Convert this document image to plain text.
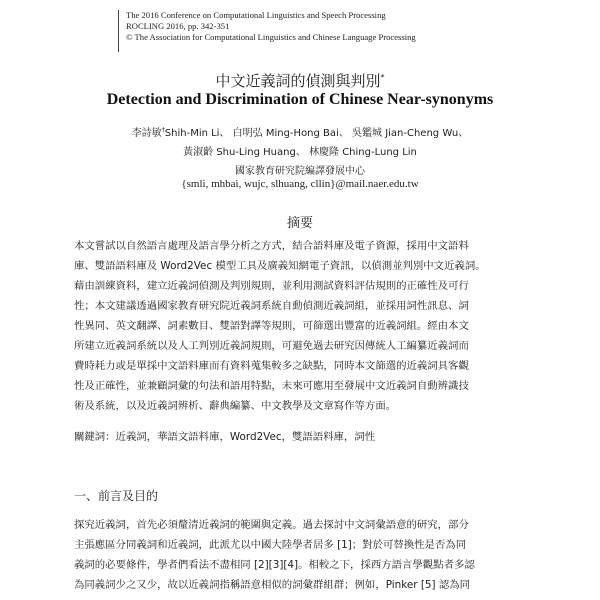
The 2016 Conference on Computational Linguistics and Speech Processing
ROCLING 2016, pp. 342-351
© The Association for Computational Linguistics and Chinese Language Processing
中文近義詞的偵測與判別*
Detection and Discrimination of Chinese Near-synonyms
李詩敏†Shih-Min Li、 白明弘 Ming-Hong Bai、 吳鑑城 Jian-Cheng Wu、
黃淑齡 Shu-Ling Huang、 林慶隆 Ching-Lung Lin
國家教育研究院編譯發展中心
{smli, mhbai, wujc, slhuang, cllin}@mail.naer.edu.tw
摘要
本文嘗試以自然語言處理及語言學分析之方式，結合語料庫及電子資源，採用中文語料
庫、雙語語料庫及 Word2Vec 模型工具及廣義知網電子資訊，以偵測並判別中文近義詞。
藉由訓練資料，建立近義詞偵測及判別規則，並利用測試資料評估規則的正確性及可行
性；本文建議透過國家教育研究院近義詞系統自動偵測近義詞組，並採用詞性訊息、詞
性異同、英文翻譯、詞素數目、雙語對譯等規則，可篩選出豐富的近義詞組。經由本文
所建立近義詞系統以及人工判別近義詞規則，可避免過去研究因傳統人工編纂近義詞而
費時耗力或是單採中文語料庫而有資料蒐集較多之缺點，同時本文篩選的近義詞具客觀
性及正確性，並兼顧詞彙的句法和語用特點，未來可應用至發展中文近義詞自動辨識技
術及系統，以及近義詞辨析、辭典編纂、中文教學及文章寫作等方面。
關鍵詞：近義詞，華語文語料庫，Word2Vec，雙語語料庫，詞性
一、前言及目的
探究近義詞，首先必須釐清近義詞的範圍與定義。過去探討中文詞彙語意的研究，部分
主張應區分同義詞和近義詞，此派尤以中國大陸學者居多 [1]；對於可替換性是否為同
義詞的必要條件，學者們看法不盡相同 [2][3][4]。相較之下，採西方語言學觀點者多認
為同義詞少之又少，故以近義詞指稱語意相似的詞彙群組群；例如，Pinker [5] 認為同
